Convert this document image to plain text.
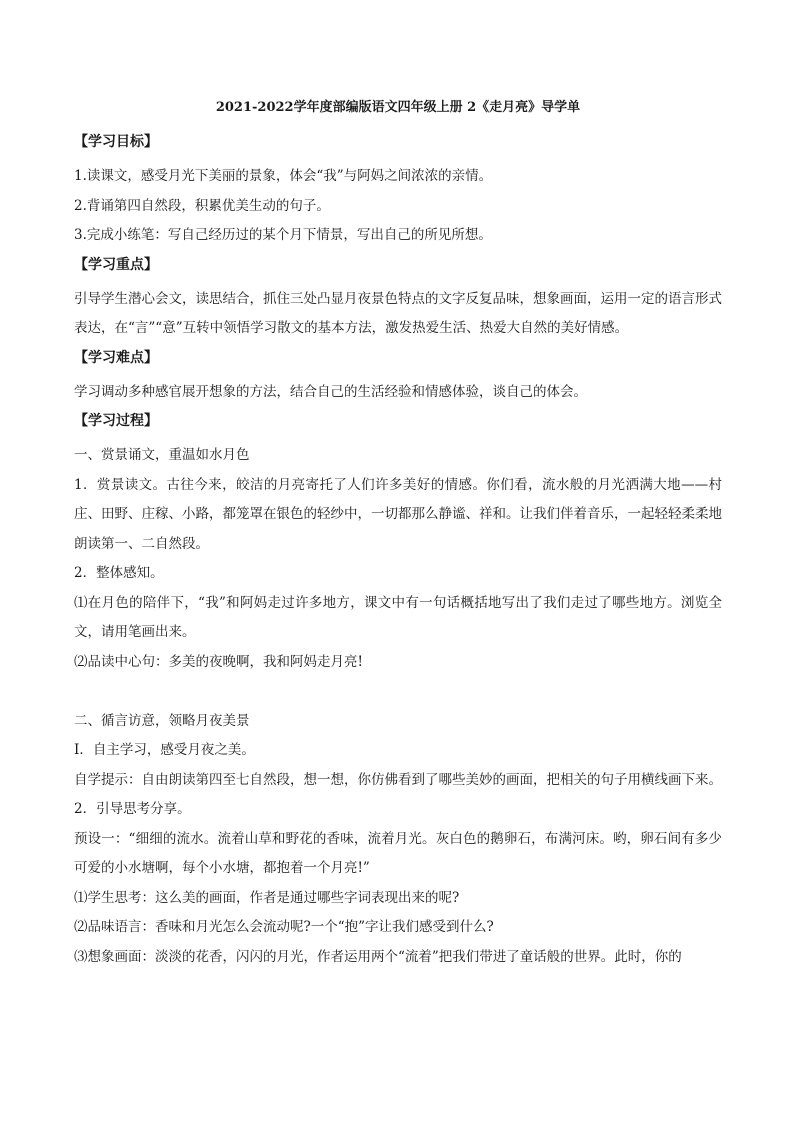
2021-2022学年度部编版语文四年级上册 2《走月亮》导学单
【学习目标】

1.读课文，感受月光下美丽的景象，体会“我”与阿妈之间浓浓的亲情。

2.背诵第四自然段，积累优美生动的句子。

3.完成小练笔：写自己经历过的某个月下情景，写出自己的所见所想。

【学习重点】

引导学生潜心会文，读思结合，抓住三处凸显月夜景色特点的文字反复品味，想象画面，运用一定的语言形式表达，在“言”“意”互转中领悟学习散文的基本方法，激发热爱生活、热爱大自然的美好情感。

【学习难点】

学习调动多种感官展开想象的方法，结合自己的生活经验和情感体验，谈自己的体会。

【学习过程】

一、赏景诵文，重温如水月色

1．赏景读文。古往今来，皎洁的月亮寄托了人们许多美好的情感。你们看，流水般的月光洒满大地——村庄、田野、庄稼、小路，都笼罩在银色的轻纱中，一切都那么静谧、祥和。让我们伴着音乐，一起轻轻柔柔地朗读第一、二自然段。

2．整体感知。

⑴在月色的陪伴下，“我”和阿妈走过许多地方，课文中有一句话概括地写出了我们走过了哪些地方。浏览全文，请用笔画出来。

⑵品读中心句：多美的夜晚啊，我和阿妈走月亮!

二、循言访意，领略月夜美景

I．自主学习，感受月夜之美。

自学提示：自由朗读第四至七自然段，想一想，你仿佛看到了哪些美妙的画面，把相关的句子用横线画下来。

2．引导思考分享。

预设一：“细细的流水。流着山草和野花的香味，流着月光。灰白色的鹅卵石，布满河床。哟，卵石间有多少可爱的小水塘啊，每个小水塘，都抱着一个月亮!”

⑴学生思考：这么美的画面，作者是通过哪些字词表现出来的呢?

⑵品味语言：香味和月光怎么会流动呢?一个“抱”字让我们感受到什么?

⑶想象画面：淡淡的花香，闪闪的月光，作者运用两个“流着”把我们带进了童话般的世界。此时，你的
